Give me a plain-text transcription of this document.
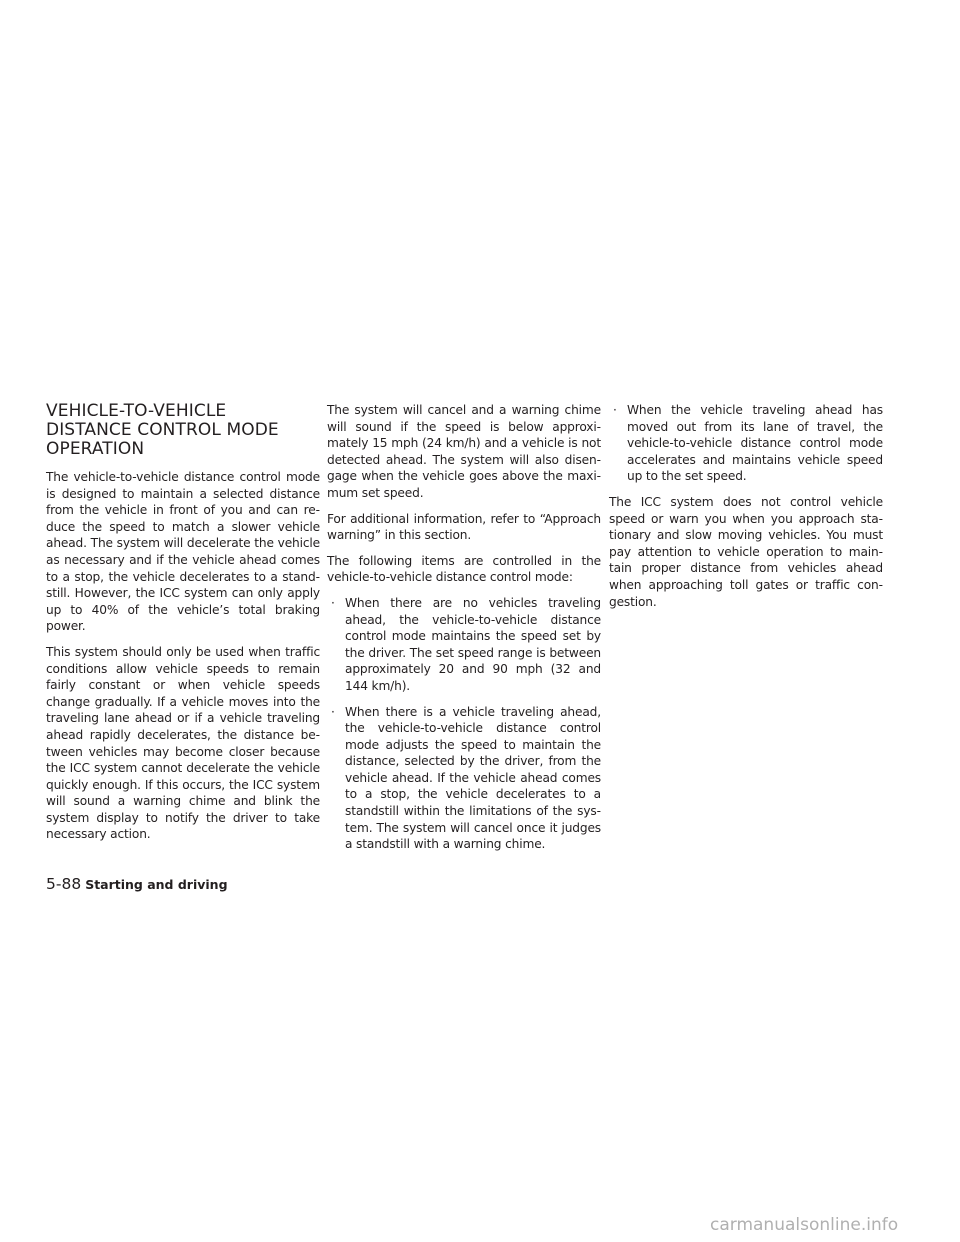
VEHICLE-TO-VEHICLE
DISTANCE CONTROL MODE
OPERATION

The vehicle-to-vehicle distance control mode is designed to maintain a selected distance from the vehicle in front of you and can reduce the speed to match a slower vehicle ahead. The system will decelerate the vehicle as necessary and if the vehicle ahead comes to a stop, the vehicle decelerates to a standstill. However, the ICC system can only apply up to 40% of the vehicle’s total braking power.

This system should only be used when traffic conditions allow vehicle speeds to remain fairly constant or when vehicle speeds change gradually. If a vehicle moves into the traveling lane ahead or if a vehicle traveling ahead rapidly decelerates, the distance between vehicles may become closer because the ICC system cannot decelerate the vehicle quickly enough. If this occurs, the ICC system will sound a warning chime and blink the system display to notify the driver to take necessary action.

The system will cancel and a warning chime will sound if the speed is below approximately 15 mph (24 km/h) and a vehicle is not detected ahead. The system will also disengage when the vehicle goes above the maximum set speed.

For additional information, refer to “Approach warning” in this section.

The following items are controlled in the vehicle-to-vehicle distance control mode:

· When there are no vehicles traveling ahead, the vehicle-to-vehicle distance control mode maintains the speed set by the driver. The set speed range is between approximately 20 and 90 mph (32 and 144 km/h).
· When there is a vehicle traveling ahead, the vehicle-to-vehicle distance control mode adjusts the speed to maintain the distance, selected by the driver, from the vehicle ahead. If the vehicle ahead comes to a stop, the vehicle decelerates to a standstill within the limitations of the system. The system will cancel once it judges a standstill with a warning chime.
· When the vehicle traveling ahead has moved out from its lane of travel, the vehicle-to-vehicle distance control mode accelerates and maintains vehicle speed up to the set speed.

The ICC system does not control vehicle speed or warn you when you approach stationary and slow moving vehicles. You must pay attention to vehicle operation to maintain proper distance from vehicles ahead when approaching toll gates or traffic congestion.

5-88 Starting and driving
carmanualsonline.info
